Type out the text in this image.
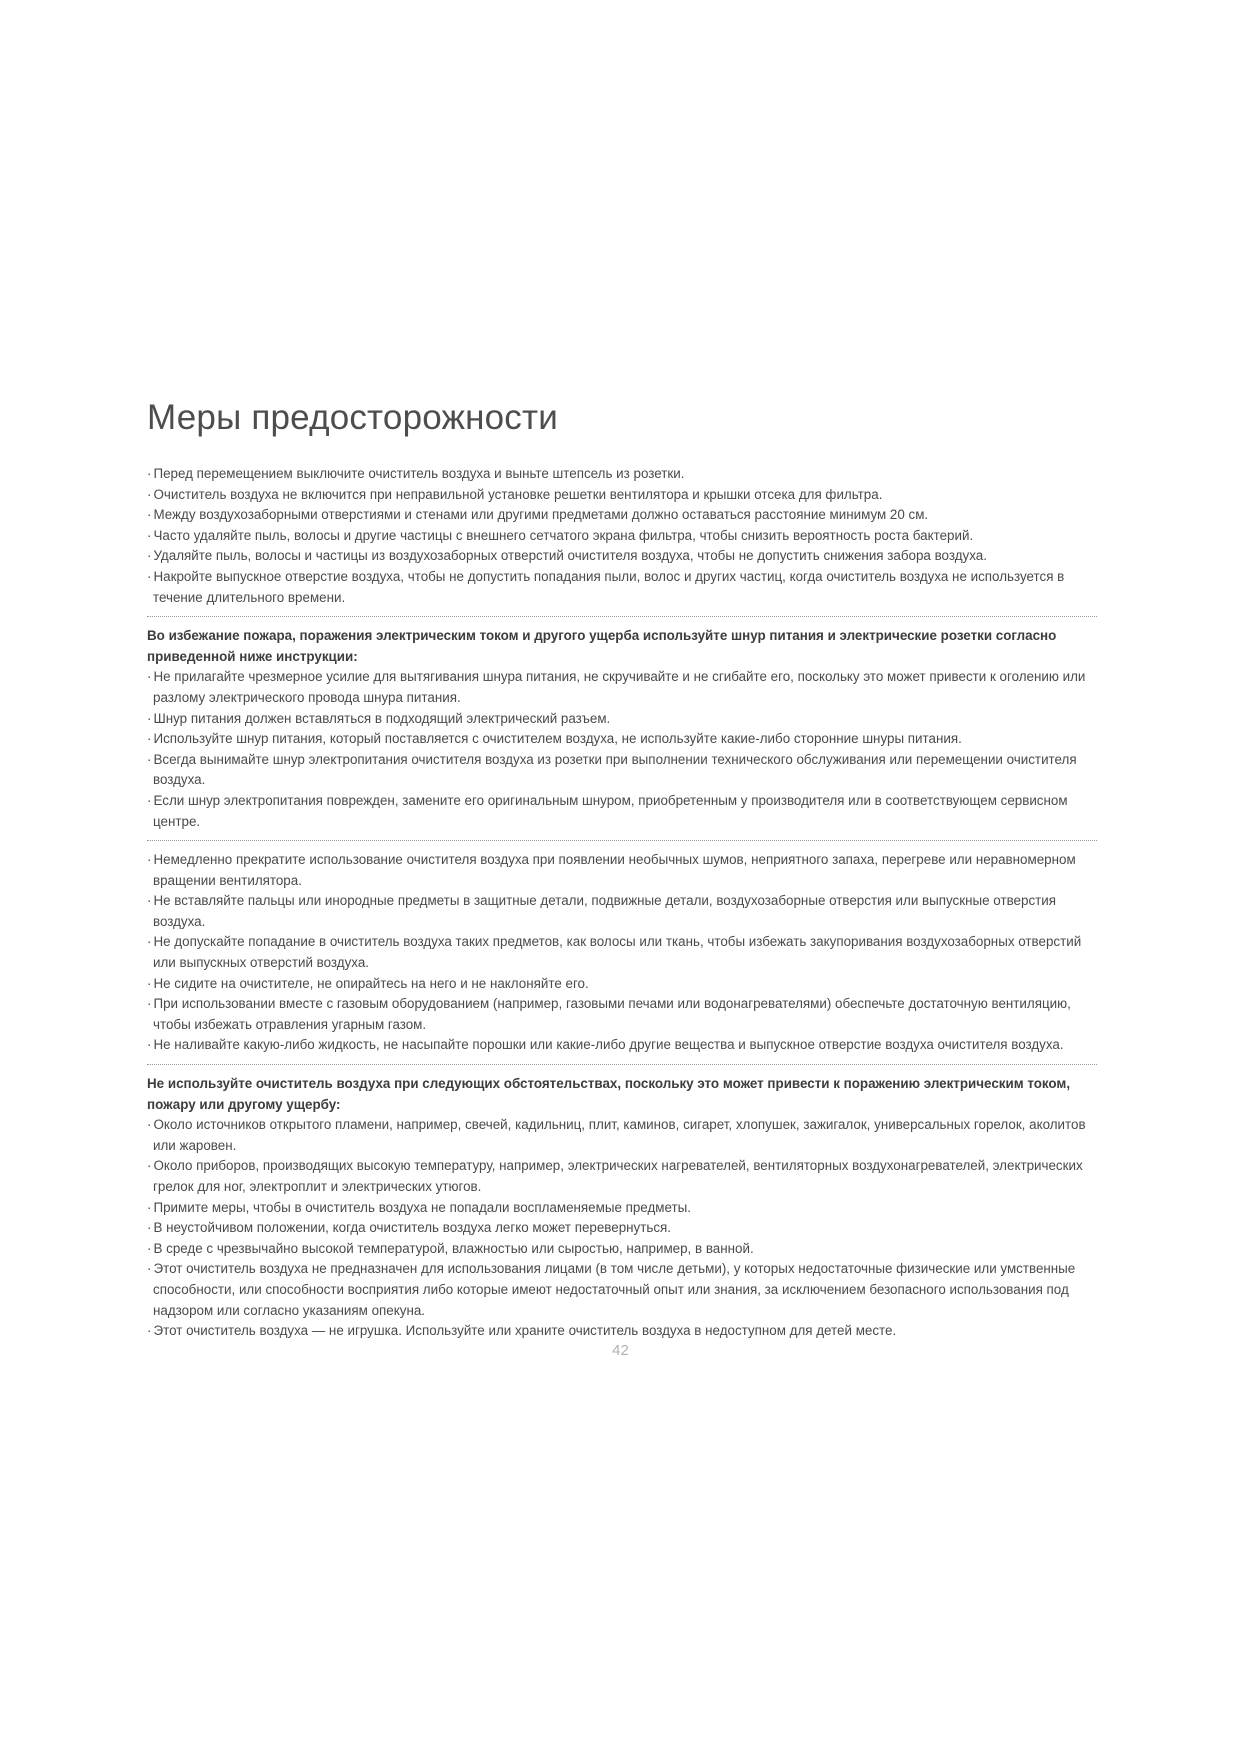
Меры предосторожности
· Перед перемещением выключите очиститель воздуха и выньте штепсель из розетки.
· Очиститель воздуха не включится при неправильной установке решетки вентилятора и крышки отсека для фильтра.
· Между воздухозаборными отверстиями и стенами или другими предметами должно оставаться расстояние минимум 20 см.
· Часто удаляйте пыль, волосы и другие частицы с внешнего сетчатого экрана фильтра, чтобы снизить вероятность роста бактерий.
· Удаляйте пыль, волосы и частицы из воздухозаборных отверстий очистителя воздуха, чтобы не допустить снижения забора воздуха.
· Накройте выпускное отверстие воздуха, чтобы не допустить попадания пыли, волос и других частиц, когда очиститель воздуха не используется в течение длительного времени.
Во избежание пожара, поражения электрическим током и другого ущерба используйте шнур питания и электрические розетки согласно приведенной ниже инструкции:
· Не прилагайте чрезмерное усилие для вытягивания шнура питания, не скручивайте и не сгибайте его, поскольку это может привести к оголению или разлому электрического провода шнура питания.
· Шнур питания должен вставляться в подходящий электрический разъем.
· Используйте шнур питания, который поставляется с очистителем воздуха, не используйте какие-либо сторонние шнуры питания.
· Всегда вынимайте шнур электропитания очистителя воздуха из розетки при выполнении технического обслуживания или перемещении очистителя воздуха.
· Если шнур электропитания поврежден, замените его оригинальным шнуром, приобретенным у производителя или в соответствующем сервисном центре.
· Немедленно прекратите использование очистителя воздуха при появлении необычных шумов, неприятного запаха, перегреве или неравномерном вращении вентилятора.
· Не вставляйте пальцы или инородные предметы в защитные детали, подвижные детали, воздухозаборные отверстия или выпускные отверстия воздуха.
· Не допускайте попадание в очиститель воздуха таких предметов, как волосы или ткань, чтобы избежать закупоривания воздухозаборных отверстий или выпускных отверстий воздуха.
· Не сидите на очистителе, не опирайтесь на него и не наклоняйте его.
· При использовании вместе с газовым оборудованием (например, газовыми печами или водонагревателями) обеспечьте достаточную вентиляцию, чтобы избежать отравления угарным газом.
· Не наливайте какую-либо жидкость, не насыпайте порошки или какие-либо другие вещества и выпускное отверстие воздуха очистителя воздуха.
Не используйте очиститель воздуха при следующих обстоятельствах, поскольку это может привести к поражению электрическим током, пожару или другому ущербу:
· Около источников открытого пламени, например, свечей, кадильниц, плит, каминов, сигарет, хлопушек, зажигалок, универсальных горелок, аколитов или жаровен.
· Около приборов, производящих высокую температуру, например, электрических нагревателей, вентиляторных воздухонагревателей, электрических грелок для ног, электроплит и электрических утюгов.
· Примите меры, чтобы в очиститель воздуха не попадали воспламеняемые предметы.
· В неустойчивом положении, когда очиститель воздуха легко может перевернуться.
· В среде с чрезвычайно высокой температурой, влажностью или сыростью, например, в ванной.
· Этот очиститель воздуха не предназначен для использования лицами (в том числе детьми), у которых недостаточные физические или умственные способности, или способности восприятия либо которые имеют недостаточный опыт или знания, за исключением безопасного использования под надзором или согласно указаниям опекуна.
· Этот очиститель воздуха — не игрушка. Используйте или храните очиститель воздуха в недоступном для детей месте.
42
